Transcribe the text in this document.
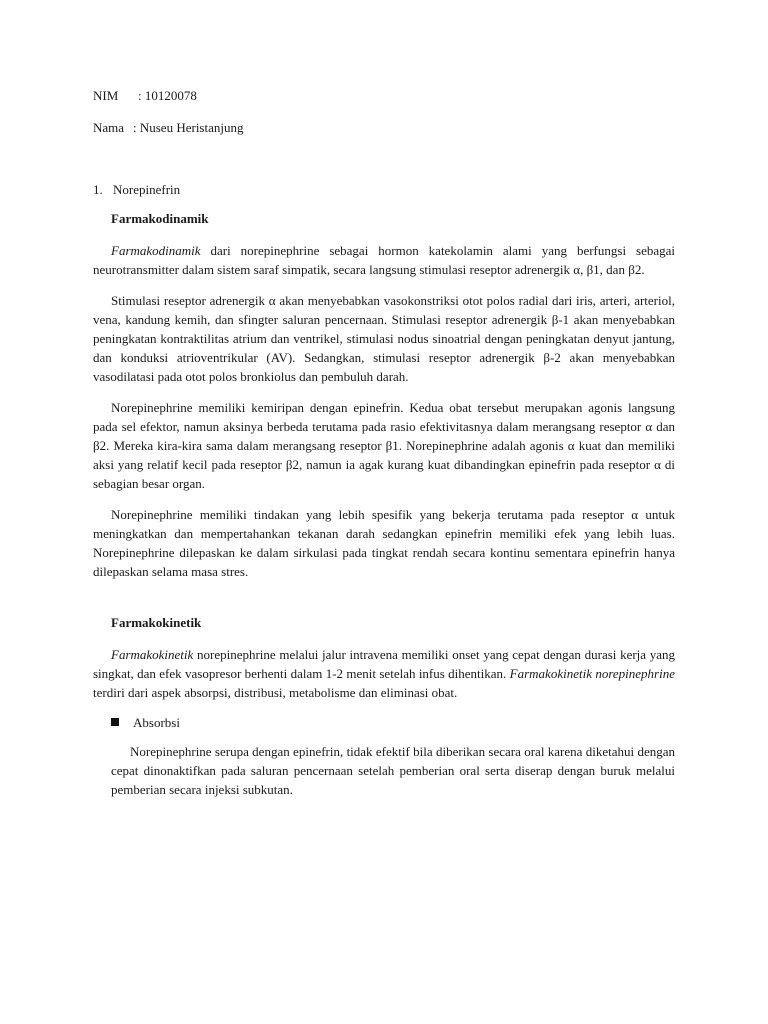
NIM : 10120078
Nama : Nuseu Heristanjung
1. Norepinefrin
Farmakodinamik
Farmakodinamik dari norepinephrine sebagai hormon katekolamin alami yang berfungsi sebagai neurotransmitter dalam sistem saraf simpatik, secara langsung stimulasi reseptor adrenergik α, β1, dan β2.
Stimulasi reseptor adrenergik α akan menyebabkan vasokonstriksi otot polos radial dari iris, arteri, arteriol, vena, kandung kemih, dan sfingter saluran pencernaan. Stimulasi reseptor adrenergik β-1 akan menyebabkan peningkatan kontraktilitas atrium dan ventrikel, stimulasi nodus sinoatrial dengan peningkatan denyut jantung, dan konduksi atrioventrikular (AV). Sedangkan, stimulasi reseptor adrenergik β-2 akan menyebabkan vasodilatasi pada otot polos bronkiolus dan pembuluh darah.
Norepinephrine memiliki kemiripan dengan epinefrin. Kedua obat tersebut merupakan agonis langsung pada sel efektor, namun aksinya berbeda terutama pada rasio efektivitasnya dalam merangsang reseptor α dan β2. Mereka kira-kira sama dalam merangsang reseptor β1. Norepinephrine adalah agonis α kuat dan memiliki aksi yang relatif kecil pada reseptor β2, namun ia agak kurang kuat dibandingkan epinefrin pada reseptor α di sebagian besar organ.
Norepinephrine memiliki tindakan yang lebih spesifik yang bekerja terutama pada reseptor α untuk meningkatkan dan mempertahankan tekanan darah sedangkan epinefrin memiliki efek yang lebih luas. Norepinephrine dilepaskan ke dalam sirkulasi pada tingkat rendah secara kontinu sementara epinefrin hanya dilepaskan selama masa stres.
Farmakokinetik
Farmakokinetik norepinephrine melalui jalur intravena memiliki onset yang cepat dengan durasi kerja yang singkat, dan efek vasopresor berhenti dalam 1-2 menit setelah infus dihentikan. Farmakokinetik norepinephrine terdiri dari aspek absorpsi, distribusi, metabolisme dan eliminasi obat.
Absorbsi
Norepinephrine serupa dengan epinefrin, tidak efektif bila diberikan secara oral karena diketahui dengan cepat dinonaktifkan pada saluran pencernaan setelah pemberian oral serta diserap dengan buruk melalui pemberian secara injeksi subkutan.
